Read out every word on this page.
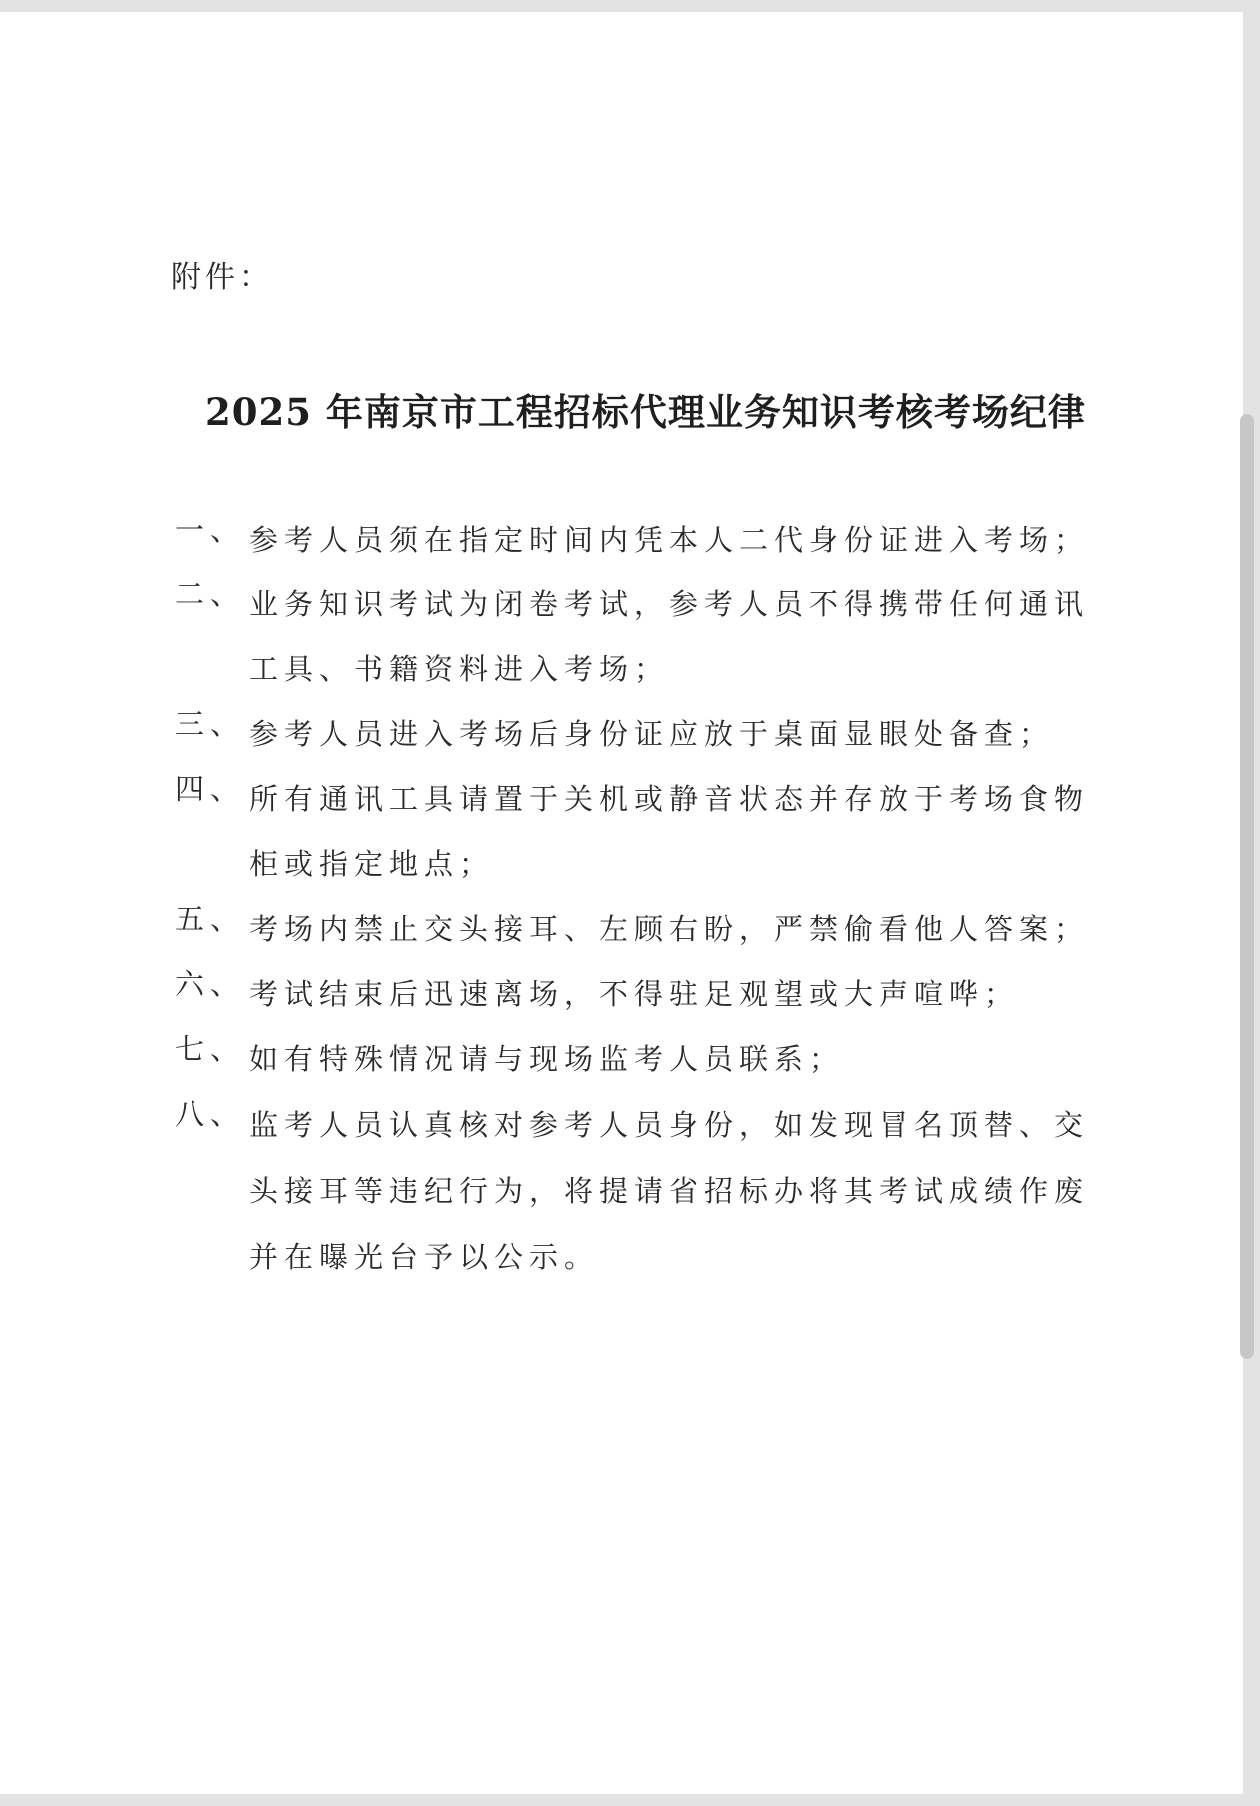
附件：
2025 年南京市工程招标代理业务知识考核考场纪律
一、 参考人员须在指定时间内凭本人二代身份证进入考场；
二、 业务知识考试为闭卷考试，参考人员不得携带任何通讯工具、书籍资料进入考场；
三、 参考人员进入考场后身份证应放于桌面显眼处备查；
四、 所有通讯工具请置于关机或静音状态并存放于考场食物柜或指定地点；
五、 考场内禁止交头接耳、左顾右盼，严禁偷看他人答案；
六、 考试结束后迅速离场，不得驻足观望或大声喧哗；
七、 如有特殊情况请与现场监考人员联系；
八、 监考人员认真核对参考人员身份，如发现冒名顶替、交头接耳等违纪行为，将提请省招标办将其考试成绩作废并在曝光台予以公示。
